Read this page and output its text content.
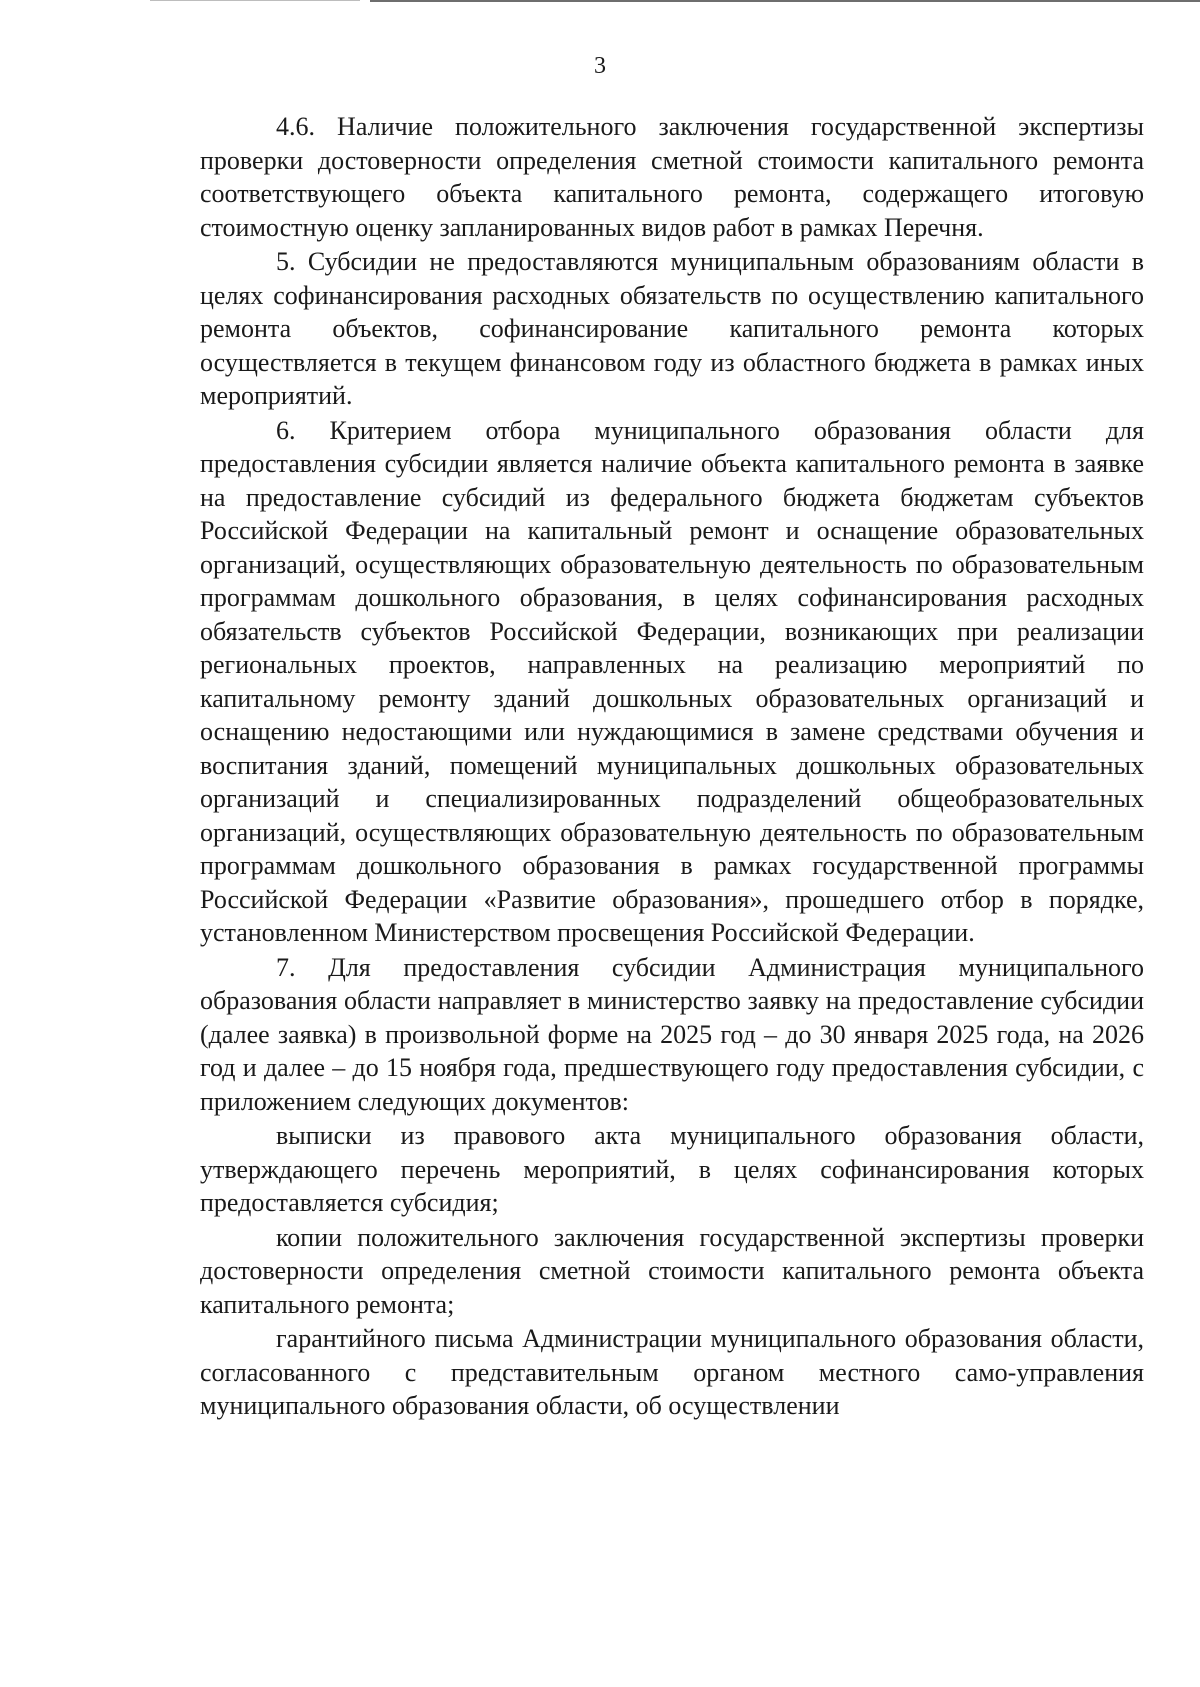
3

4.6. Наличие положительного заключения государственной экспертизы проверки достоверности определения сметной стоимости капитального ремонта соответствующего объекта капитального ремонта, содержащего итоговую стоимостную оценку запланированных видов работ в рамках Перечня.

5. Субсидии не предоставляются муниципальным образованиям области в целях софинансирования расходных обязательств по осуществлению капитального ремонта объектов, софинансирование капитального ремонта которых осуществляется в текущем финансовом году из областного бюджета в рамках иных мероприятий.

6. Критерием отбора муниципального образования области для предоставления субсидии является наличие объекта капитального ремонта в заявке на предоставление субсидий из федерального бюджета бюджетам субъектов Российской Федерации на капитальный ремонт и оснащение образовательных организаций, осуществляющих образовательную деятельность по образовательным программам дошкольного образования, в целях софинансирования расходных обязательств субъектов Российской Федерации, возникающих при реализации региональных проектов, направленных на реализацию мероприятий по капитальному ремонту зданий дошкольных образовательных организаций и оснащению недостающими или нуждающимися в замене средствами обучения и воспитания зданий, помещений муниципальных дошкольных образовательных организаций и специализированных подразделений общеобразовательных организаций, осуществляющих образовательную деятельность по образовательным программам дошкольного образования в рамках государственной программы Российской Федерации «Развитие образования», прошедшего отбор в порядке, установленном Министерством просвещения Российской Федерации.

7. Для предоставления субсидии Администрация муниципального образования области направляет в министерство заявку на предоставление субсидии (далее заявка) в произвольной форме на 2025 год – до 30 января 2025 года, на 2026 год и далее – до 15 ноября года, предшествующего году предоставления субсидии, с приложением следующих документов:

выписки из правового акта муниципального образования области, утверждающего перечень мероприятий, в целях софинансирования которых предоставляется субсидия;

копии положительного заключения государственной экспертизы проверки достоверности определения сметной стоимости капитального ремонта объекта капитального ремонта;

гарантийного письма Администрации муниципального образования области, согласованного с представительным органом местного само-управления муниципального образования области, об осуществлении
